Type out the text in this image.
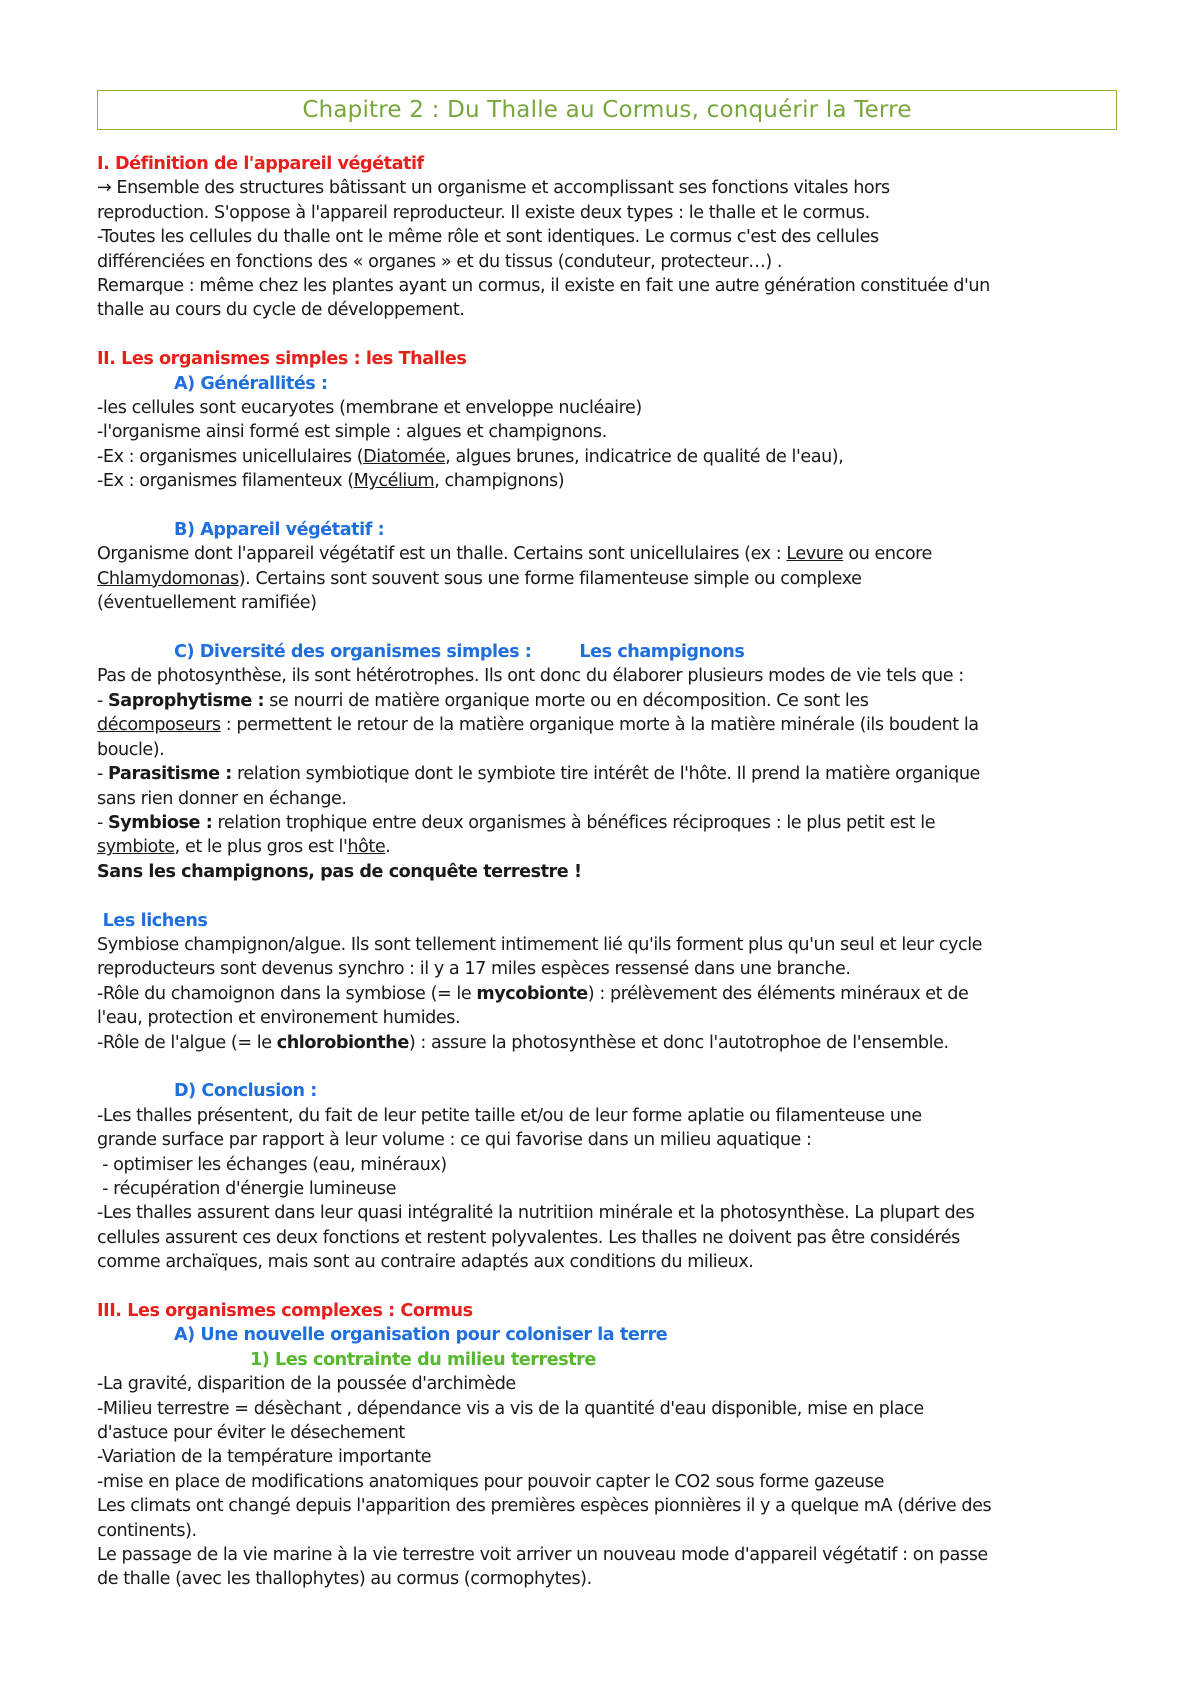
Chapitre 2 : Du Thalle au Cormus, conquérir la Terre
I. Définition de l'appareil végétatif
→ Ensemble des structures bâtissant un organisme et accomplissant ses fonctions vitales hors
reproduction. S'oppose à l'appareil reproducteur. Il existe deux types : le thalle et le cormus.
-Toutes les cellules du thalle ont le même rôle et sont identiques. Le cormus c'est des cellules
différenciées en fonctions des « organes » et du tissus (conduteur, protecteur…) .
Remarque : même chez les plantes ayant un cormus, il existe en fait une autre génération constituée d'un
thalle au cours du cycle de développement.
II. Les organismes simples : les Thalles
A) Générallités :
-les cellules sont eucaryotes (membrane et enveloppe nucléaire)
-l'organisme ainsi formé est simple : algues et champignons.
-Ex : organismes unicellulaires (Diatomée, algues brunes, indicatrice de qualité de l'eau),
-Ex : organismes filamenteux (Mycélium, champignons)
B) Appareil végétatif :
Organisme dont l'appareil végétatif est un thalle. Certains sont unicellulaires (ex : Levure ou encore
Chlamydomonas). Certains sont souvent sous une forme filamenteuse simple ou complexe
(éventuellement ramifiée)
C) Diversité des organismes simples :	Les champignons
Pas de photosynthèse, ils sont hétérotrophes. Ils ont donc du élaborer plusieurs modes de vie tels que :
- Saprophytisme : se nourri de matière organique morte ou en décomposition. Ce sont les
décomposeurs : permettent le retour de la matière organique morte à la matière minérale (ils boudent la
boucle).
- Parasitisme : relation symbiotique dont le symbiote tire intérêt de l'hôte. Il prend la matière organique
sans rien donner en échange.
- Symbiose : relation trophique entre deux organismes à bénéfices réciproques : le plus petit est le
symbiote, et le plus gros est l'hôte.
Sans les champignons, pas de conquête terrestre !
Les lichens
Symbiose champignon/algue. Ils sont tellement intimement lié qu'ils forment plus qu'un seul et leur cycle
reproducteurs sont devenus synchro : il y a 17 miles espèces ressensé dans une branche.
-Rôle du chamoignon dans la symbiose (= le mycobionte) : prélèvement des éléments minéraux et de
l'eau, protection et environement humides.
-Rôle de l'algue (= le chlorobionthe) : assure la photosynthèse et donc l'autotrophoe de l'ensemble.
D) Conclusion :
-Les thalles présentent, du fait de leur petite taille et/ou de leur forme aplatie ou filamenteuse une
grande surface par rapport à leur volume : ce qui favorise dans un milieu aquatique :
- optimiser les échanges (eau, minéraux)
- récupération d'énergie lumineuse
-Les thalles assurent dans leur quasi intégralité la nutritiion minérale et la photosynthèse. La plupart des
cellules assurent ces deux fonctions et restent polyvalentes. Les thalles ne doivent pas être considérés
comme archaïques, mais sont au contraire adaptés aux conditions du milieux.
III. Les organismes complexes : Cormus
A) Une nouvelle organisation pour coloniser la terre
1) Les contrainte du milieu terrestre
-La gravité, disparition de la poussée d'archimède
-Milieu terrestre = désèchant , dépendance vis a vis de la quantité d'eau disponible, mise en place
d'astuce pour éviter le désechement
-Variation de la température importante
-mise en place de modifications anatomiques pour pouvoir capter le CO2 sous forme gazeuse
Les climats ont changé depuis l'apparition des premières espèces pionnières il y a quelque mA (dérive des
continents).
Le passage de la vie marine à la vie terrestre voit arriver un nouveau mode d'appareil végétatif : on passe
de thalle (avec les thallophytes) au cormus (cormophytes).
